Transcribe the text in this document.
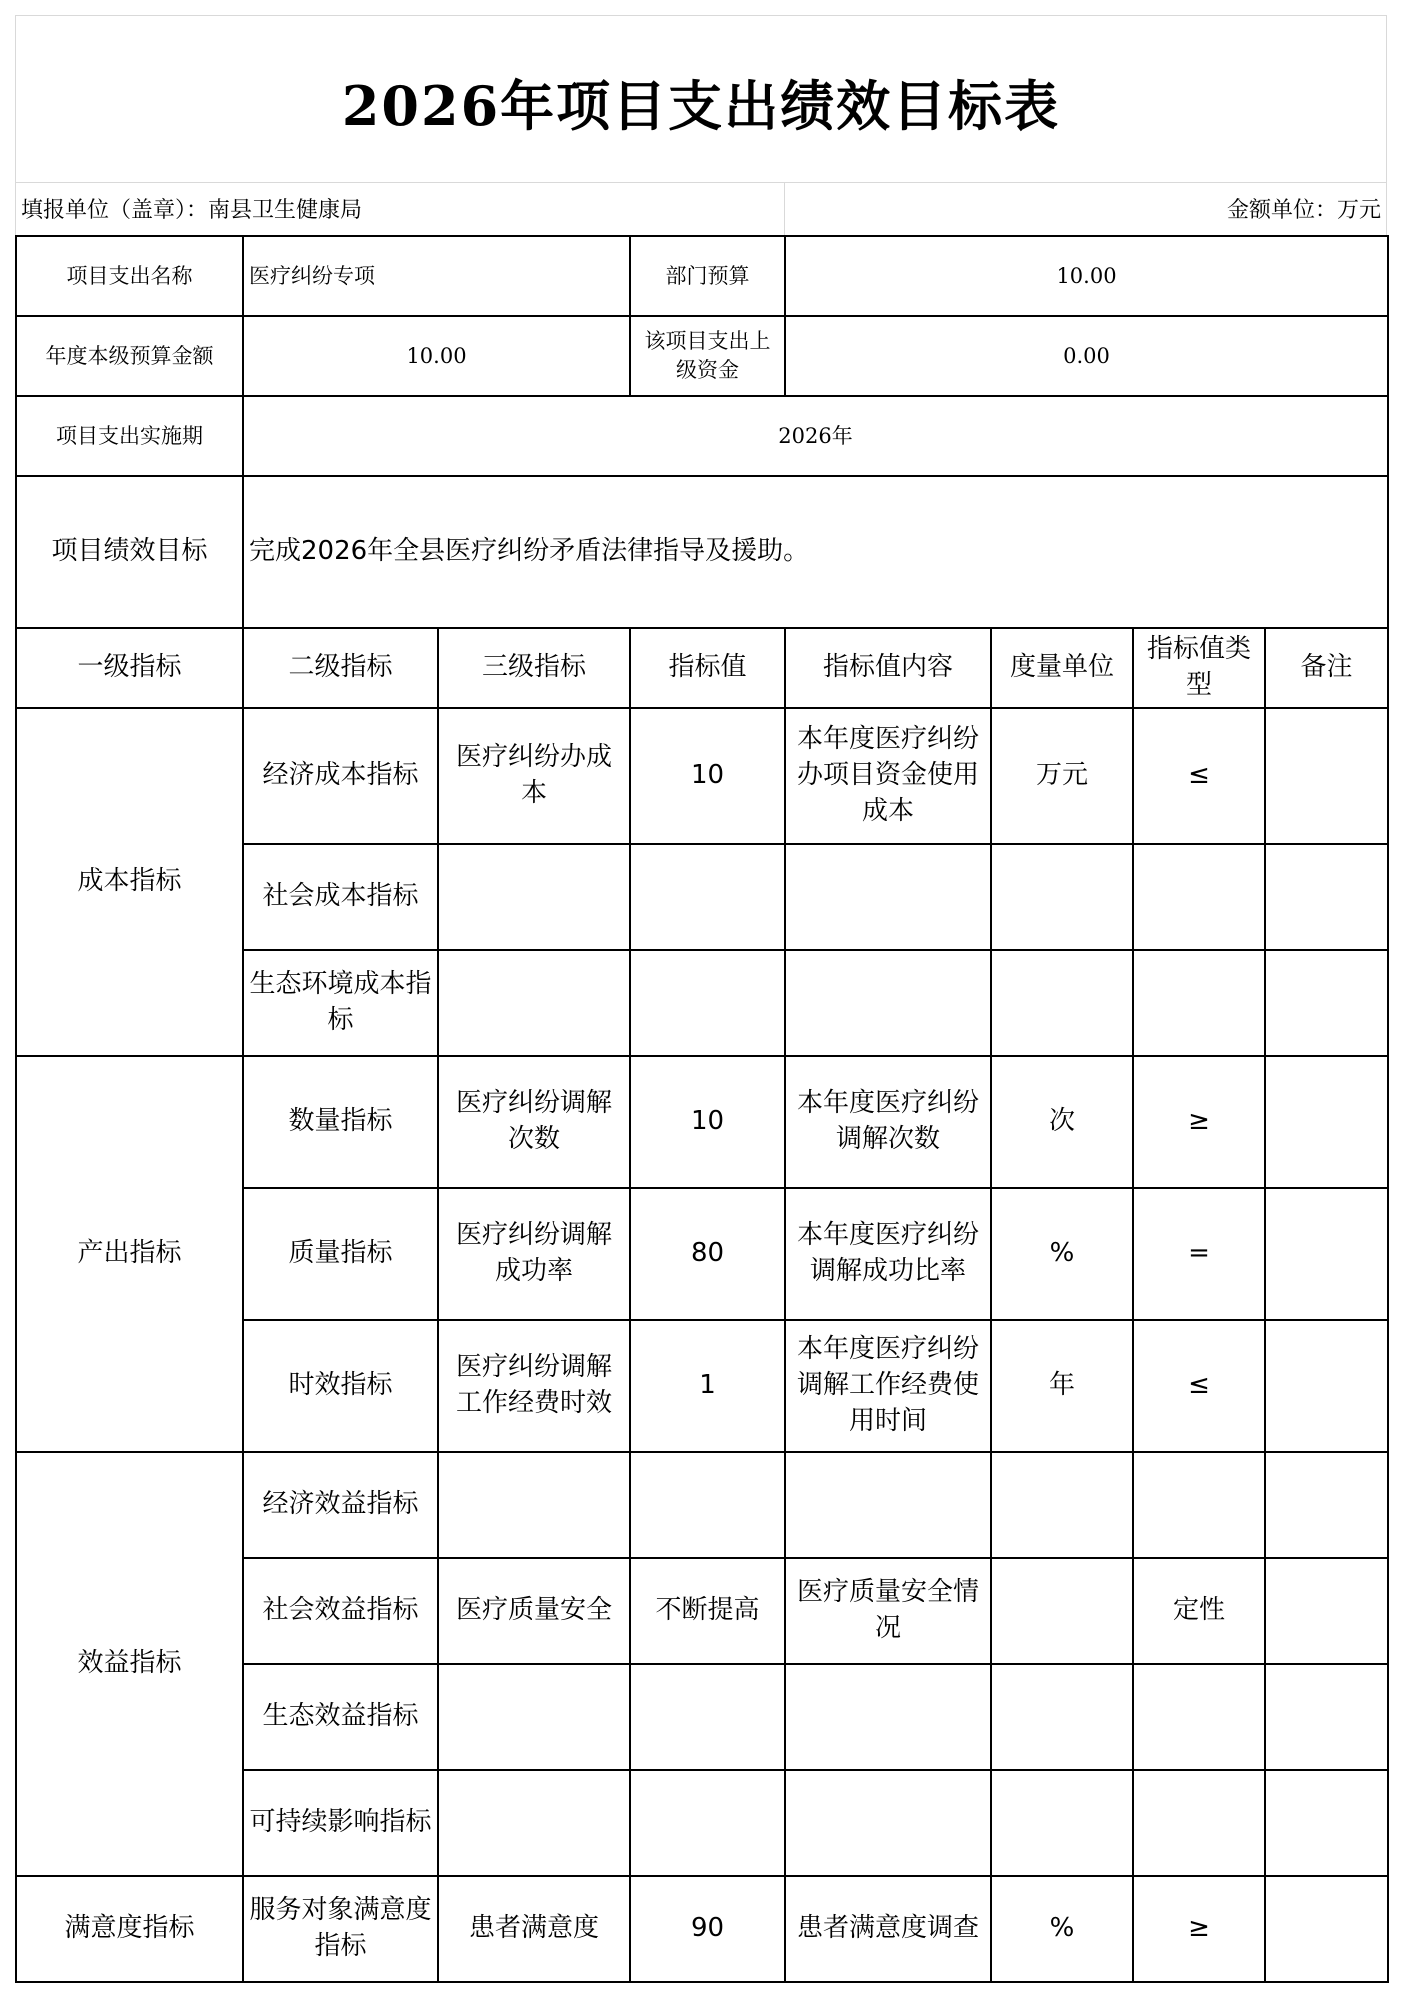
2026年项目支出绩效目标表
填报单位（盖章）：南县卫生健康局	金额单位：万元
项目支出名称	医疗纠纷专项		部门预算	10.00			
年度本级预算金额	10.00		该项目支出上级资金	0.00			
项目支出实施期	2026年						
项目绩效目标	完成2026年全县医疗纠纷矛盾法律指导及援助。						
一级指标	二级指标	三级指标	指标值	指标值内容	度量单位	指标值类型	备注
成本指标	经济成本指标	医疗纠纷办成本	10	本年度医疗纠纷办项目资金使用成本	万元	≤	
	社会成本指标						
	生态环境成本指标						
产出指标	数量指标	医疗纠纷调解次数	10	本年度医疗纠纷调解次数	次	≥	
	质量指标	医疗纠纷调解成功率	80	本年度医疗纠纷调解成功比率	%	=	
	时效指标	医疗纠纷调解工作经费时效	1	本年度医疗纠纷调解工作经费使用时间	年	≤	
效益指标	经济效益指标						
	社会效益指标	医疗质量安全	不断提高	医疗质量安全情况		定性	
	生态效益指标						
	可持续影响指标						
满意度指标	服务对象满意度指标	患者满意度	90	患者满意度调查	%	≥	
